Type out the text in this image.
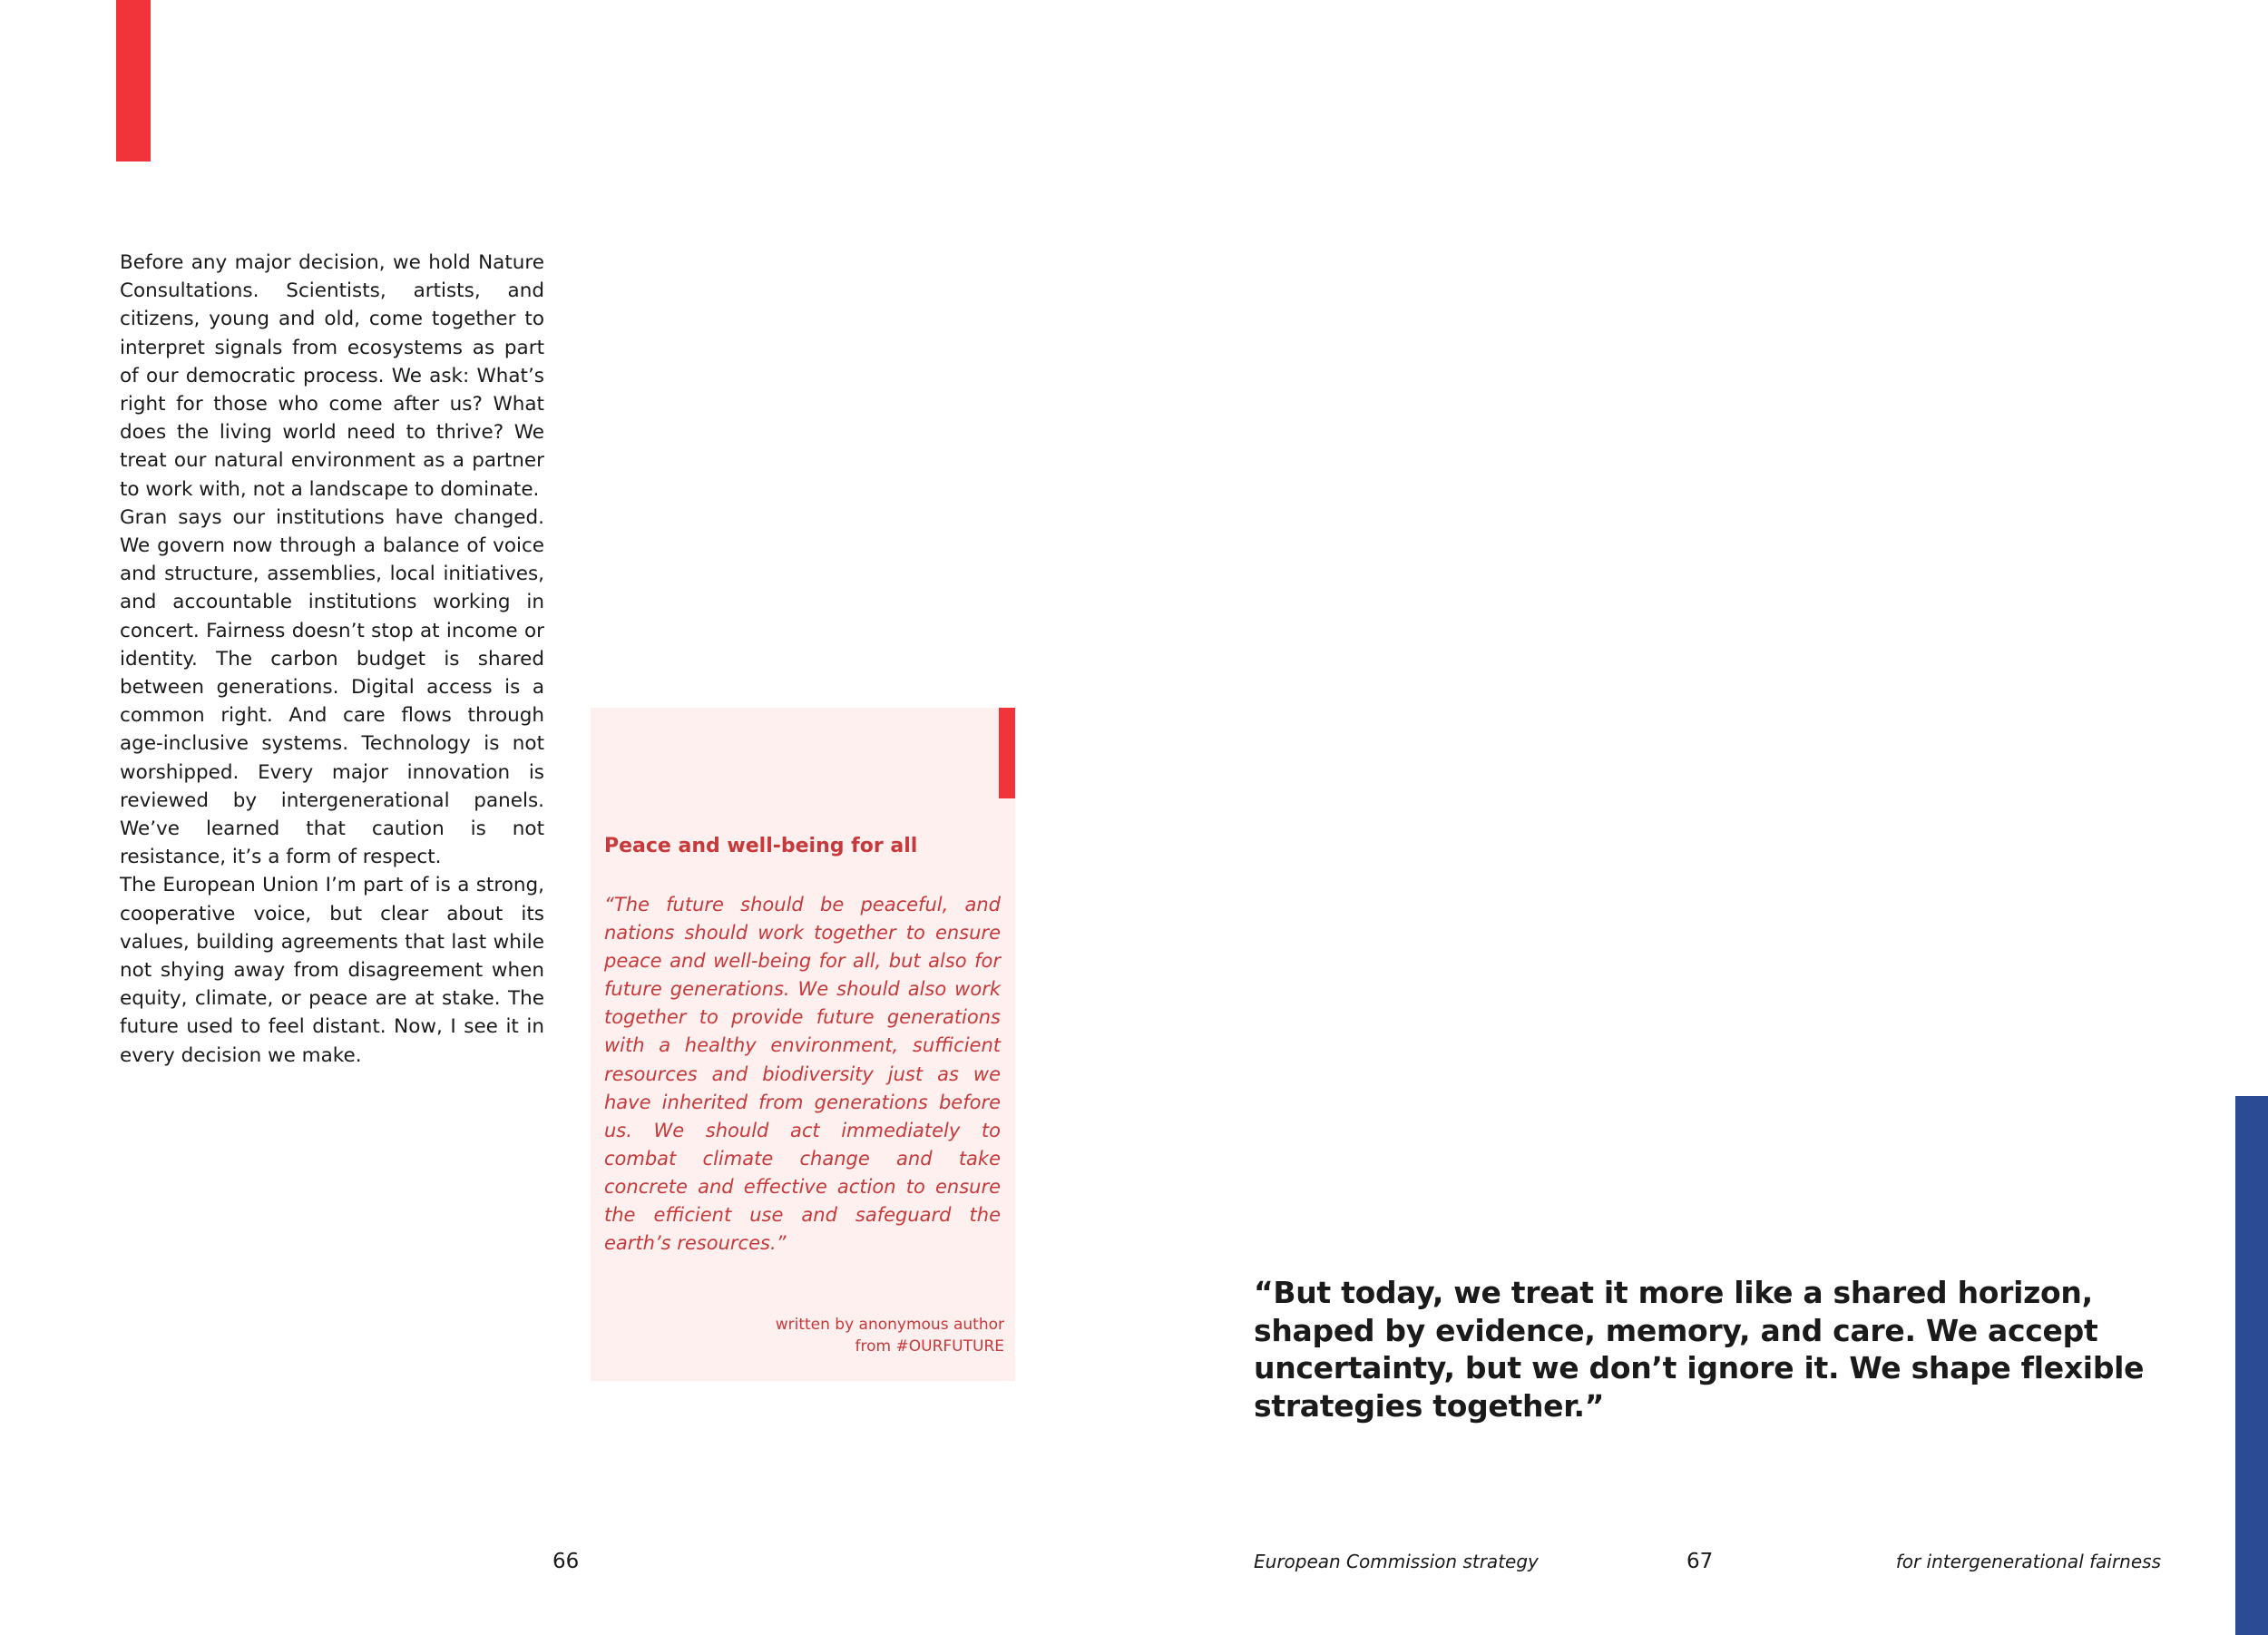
Before any major decision, we hold Nature Consultations. Scientists, artists, and citizens, young and old, come together to interpret signals from ecosystems as part of our democratic process. We ask: What’s right for those who come after us? What does the living world need to thrive? We treat our natural environment as a partner to work with, not a landscape to dominate.

Gran says our institutions have changed. We govern now through a balance of voice and structure, assemblies, local initiatives, and accountable institutions working in concert. Fairness doesn’t stop at income or identity. The carbon budget is shared between generations. Digital access is a common right. And care flows through age-inclusive systems. Technology is not worshipped. Every major innovation is reviewed by intergenerational panels. We’ve learned that caution is not resistance, it’s a form of respect.

The European Union I’m part of is a strong, cooperative voice, but clear about its values, building agreements that last while not shying away from disagreement when equity, climate, or peace are at stake. The future used to feel distant. Now, I see it in every decision we make.

Peace and well-being for all

“The future should be peaceful, and nations should work together to ensure peace and well-being for all, but also for future generations. We should also work together to provide future generations with a healthy environment, sufficient resources and biodiversity just as we have inherited from generations before us. We should act immediately to combat climate change and take concrete and effective action to ensure the efficient use and safeguard the earth’s resources.”

written by anonymous author
from #OURFUTURE

“But today, we treat it more like a shared horizon, shaped by evidence, memory, and care. We accept uncertainty, but we don’t ignore it. We shape flexible strategies together.”

66	European Commission strategy	67	for intergenerational fairness
